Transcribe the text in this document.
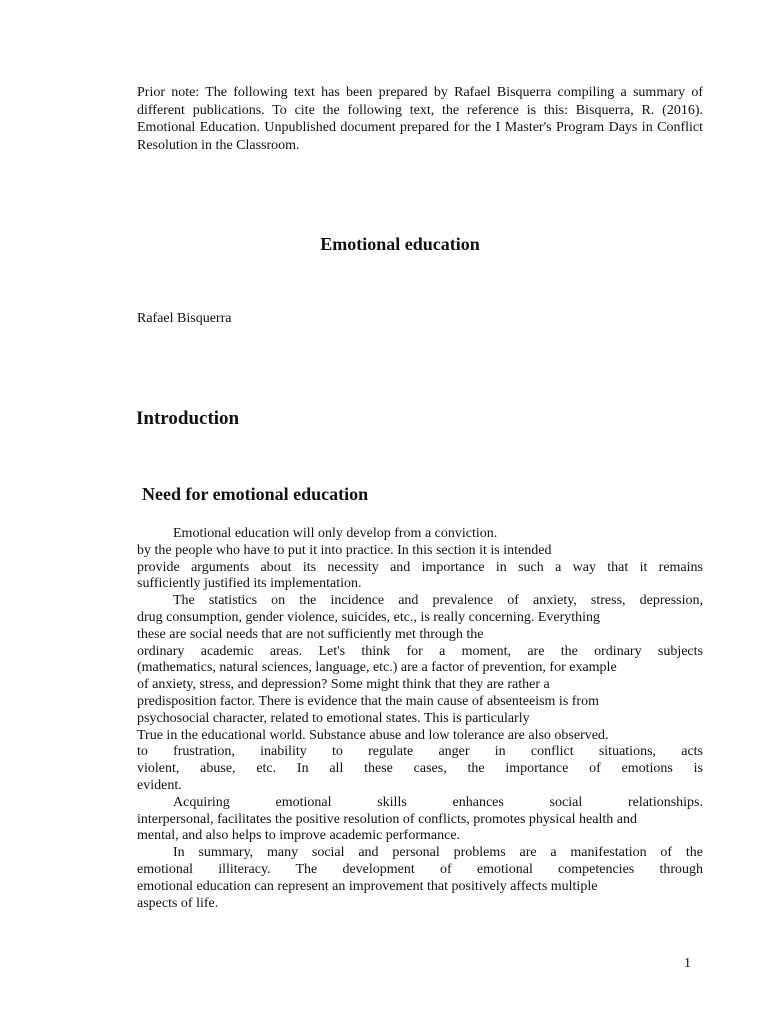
Prior note: The following text has been prepared by Rafael Bisquerra compiling a summary of different publications. To cite the following text, the reference is this: Bisquerra, R. (2016). Emotional Education. Unpublished document prepared for the I Master's Program Days in Conflict Resolution in the Classroom.

Emotional education
Rafael Bisquerra
Introduction
Need for emotional education
Emotional education will only develop from a conviction.
by the people who have to put it into practice. In this section it is intended
provide arguments about its necessity and importance in such a way that it remains
sufficiently justified its implementation.
The statistics on the incidence and prevalence of anxiety, stress, depression,
drug consumption, gender violence, suicides, etc., is really concerning. Everything
these are social needs that are not sufficiently met through the
ordinary academic areas. Let's think for a moment, are the ordinary subjects
(mathematics, natural sciences, language, etc.) are a factor of prevention, for example
of anxiety, stress, and depression? Some might think that they are rather a
predisposition factor. There is evidence that the main cause of absenteeism is from
psychosocial character, related to emotional states. This is particularly
True in the educational world. Substance abuse and low tolerance are also observed.
to frustration, inability to regulate anger in conflict situations, acts
violent, abuse, etc. In all these cases, the importance of emotions is
evident.
Acquiring emotional skills enhances social relationships.
interpersonal, facilitates the positive resolution of conflicts, promotes physical health and
mental, and also helps to improve academic performance.
In summary, many social and personal problems are a manifestation of the
emotional illiteracy. The development of emotional competencies through
emotional education can represent an improvement that positively affects multiple
aspects of life.
1
